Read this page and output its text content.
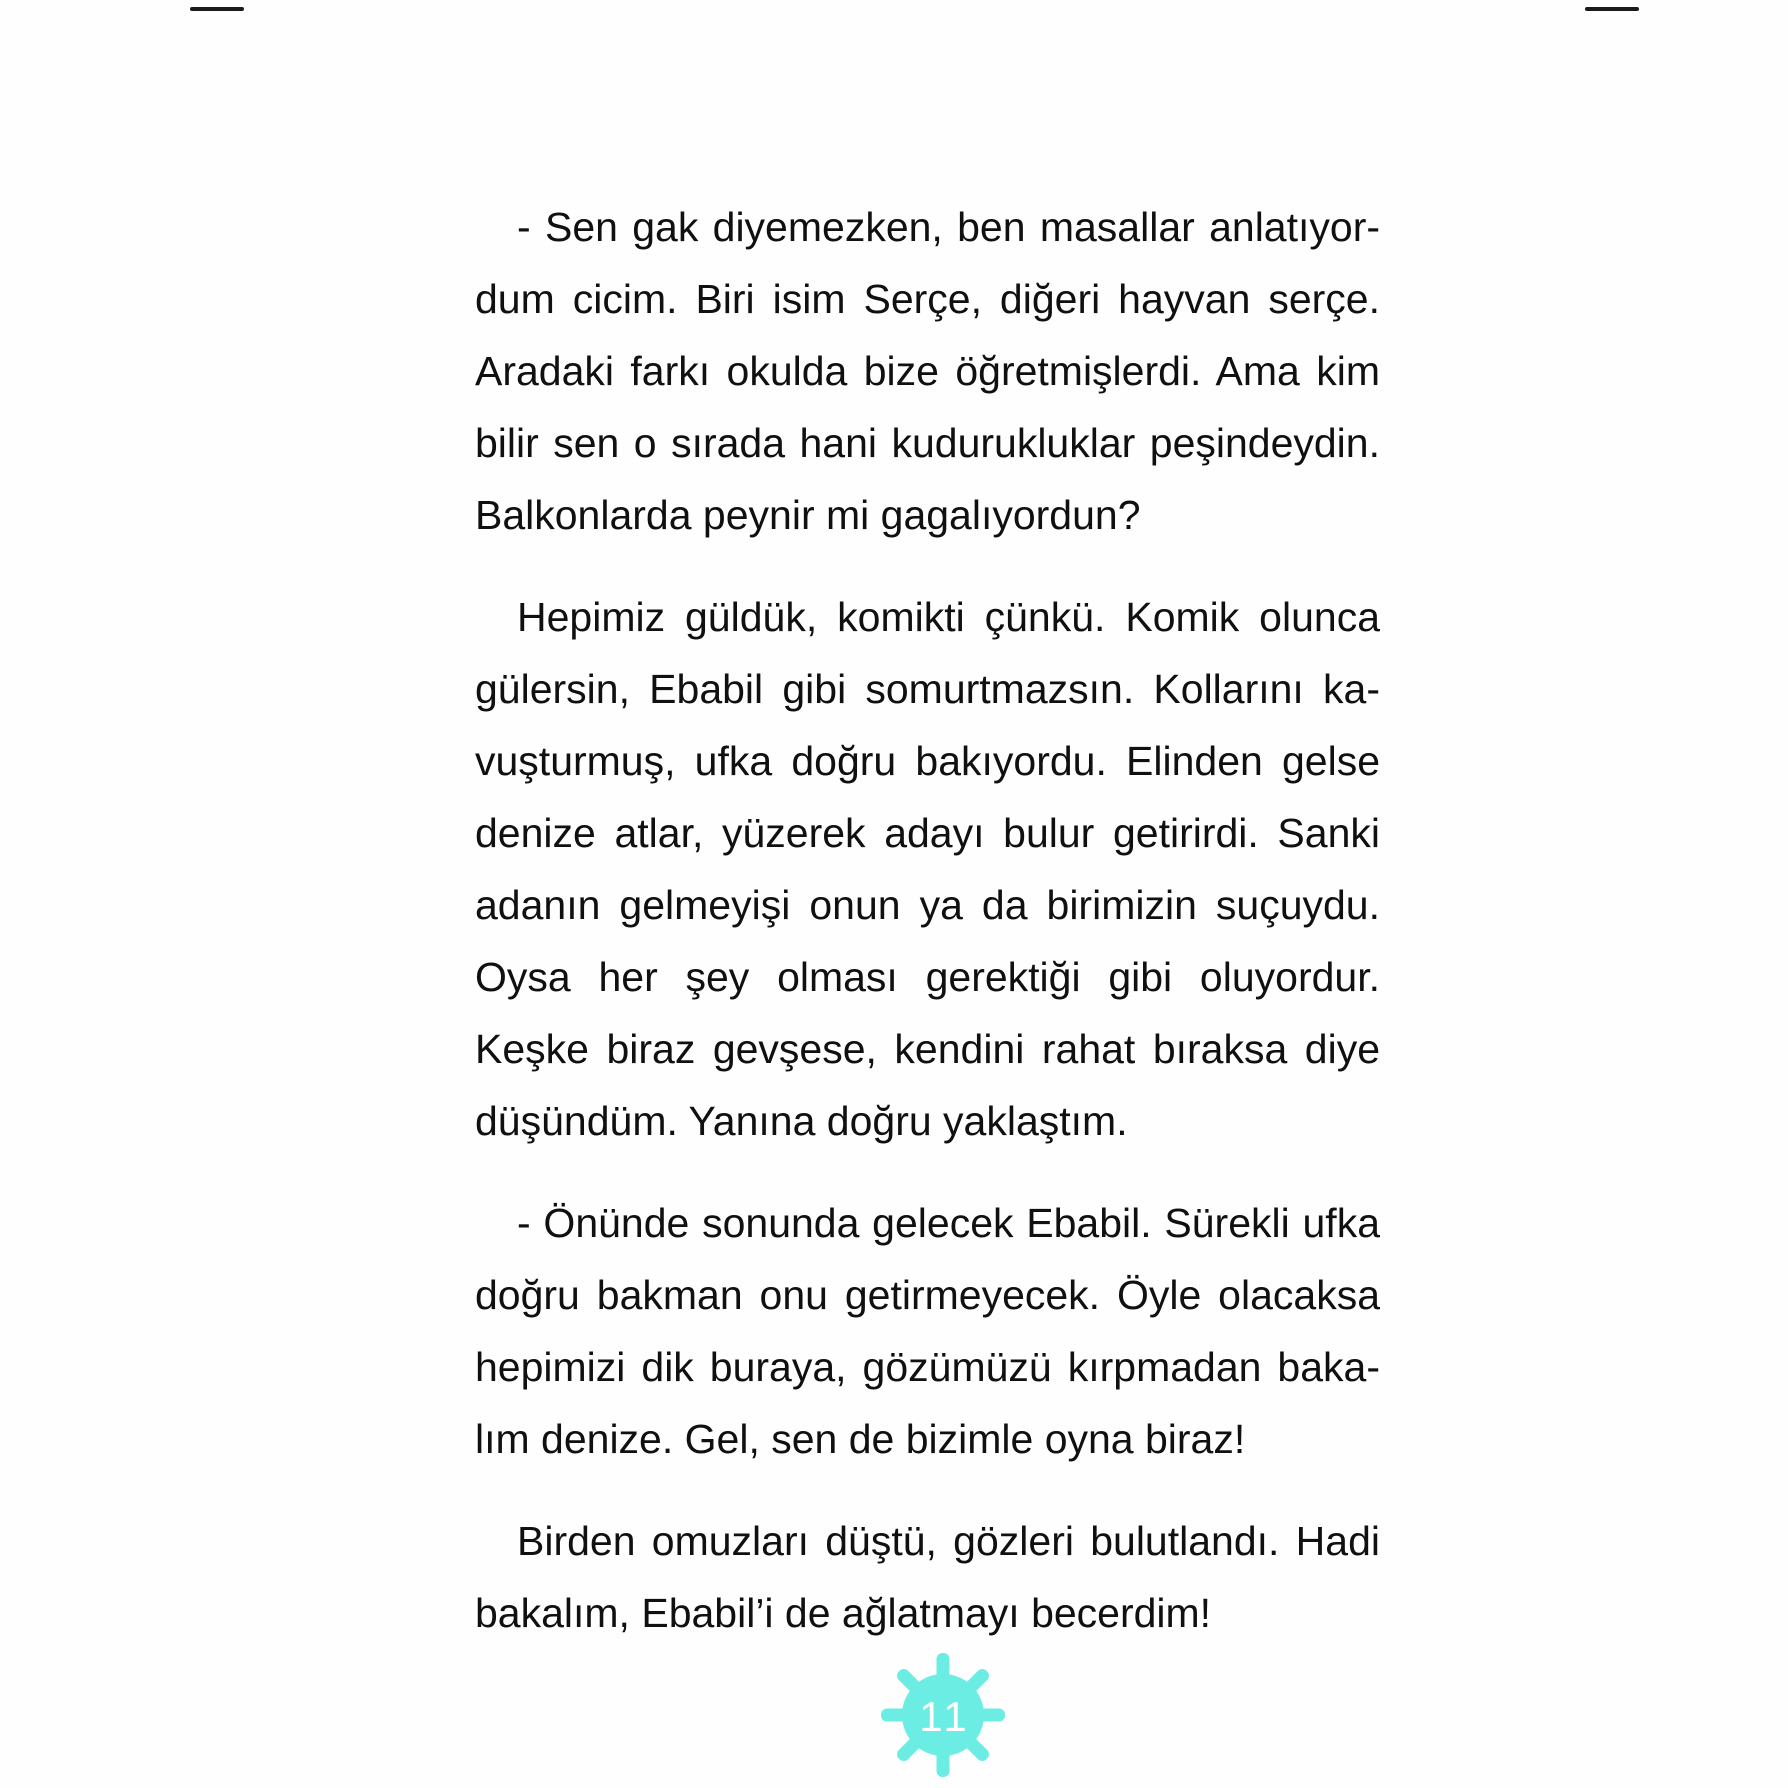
- Sen gak diyemezken, ben masallar anlatıyor-
dum cicim. Biri isim Serçe, diğeri hayvan serçe.
Aradaki farkı okulda bize öğretmişlerdi. Ama kim
bilir sen o sırada hani kudurukluklar peşindeydin.
Balkonlarda peynir mi gagalıyordun?
Hepimiz güldük, komikti çünkü. Komik olunca
gülersin, Ebabil gibi somurtmazsın. Kollarını ka-
vuşturmuş, ufka doğru bakıyordu. Elinden gelse
denize atlar, yüzerek adayı bulur getirirdi. Sanki
adanın gelmeyişi onun ya da birimizin suçuydu.
Oysa her şey olması gerektiği gibi oluyordur.
Keşke biraz gevşese, kendini rahat bıraksa diye
düşündüm. Yanına doğru yaklaştım.
- Önünde sonunda gelecek Ebabil. Sürekli ufka
doğru bakman onu getirmeyecek. Öyle olacaksa
hepimizi dik buraya, gözümüzü kırpmadan baka-
lım denize. Gel, sen de bizimle oyna biraz!
Birden omuzları düştü, gözleri bulutlandı. Hadi
bakalım, Ebabil’i de ağlatmayı becerdim!
11
